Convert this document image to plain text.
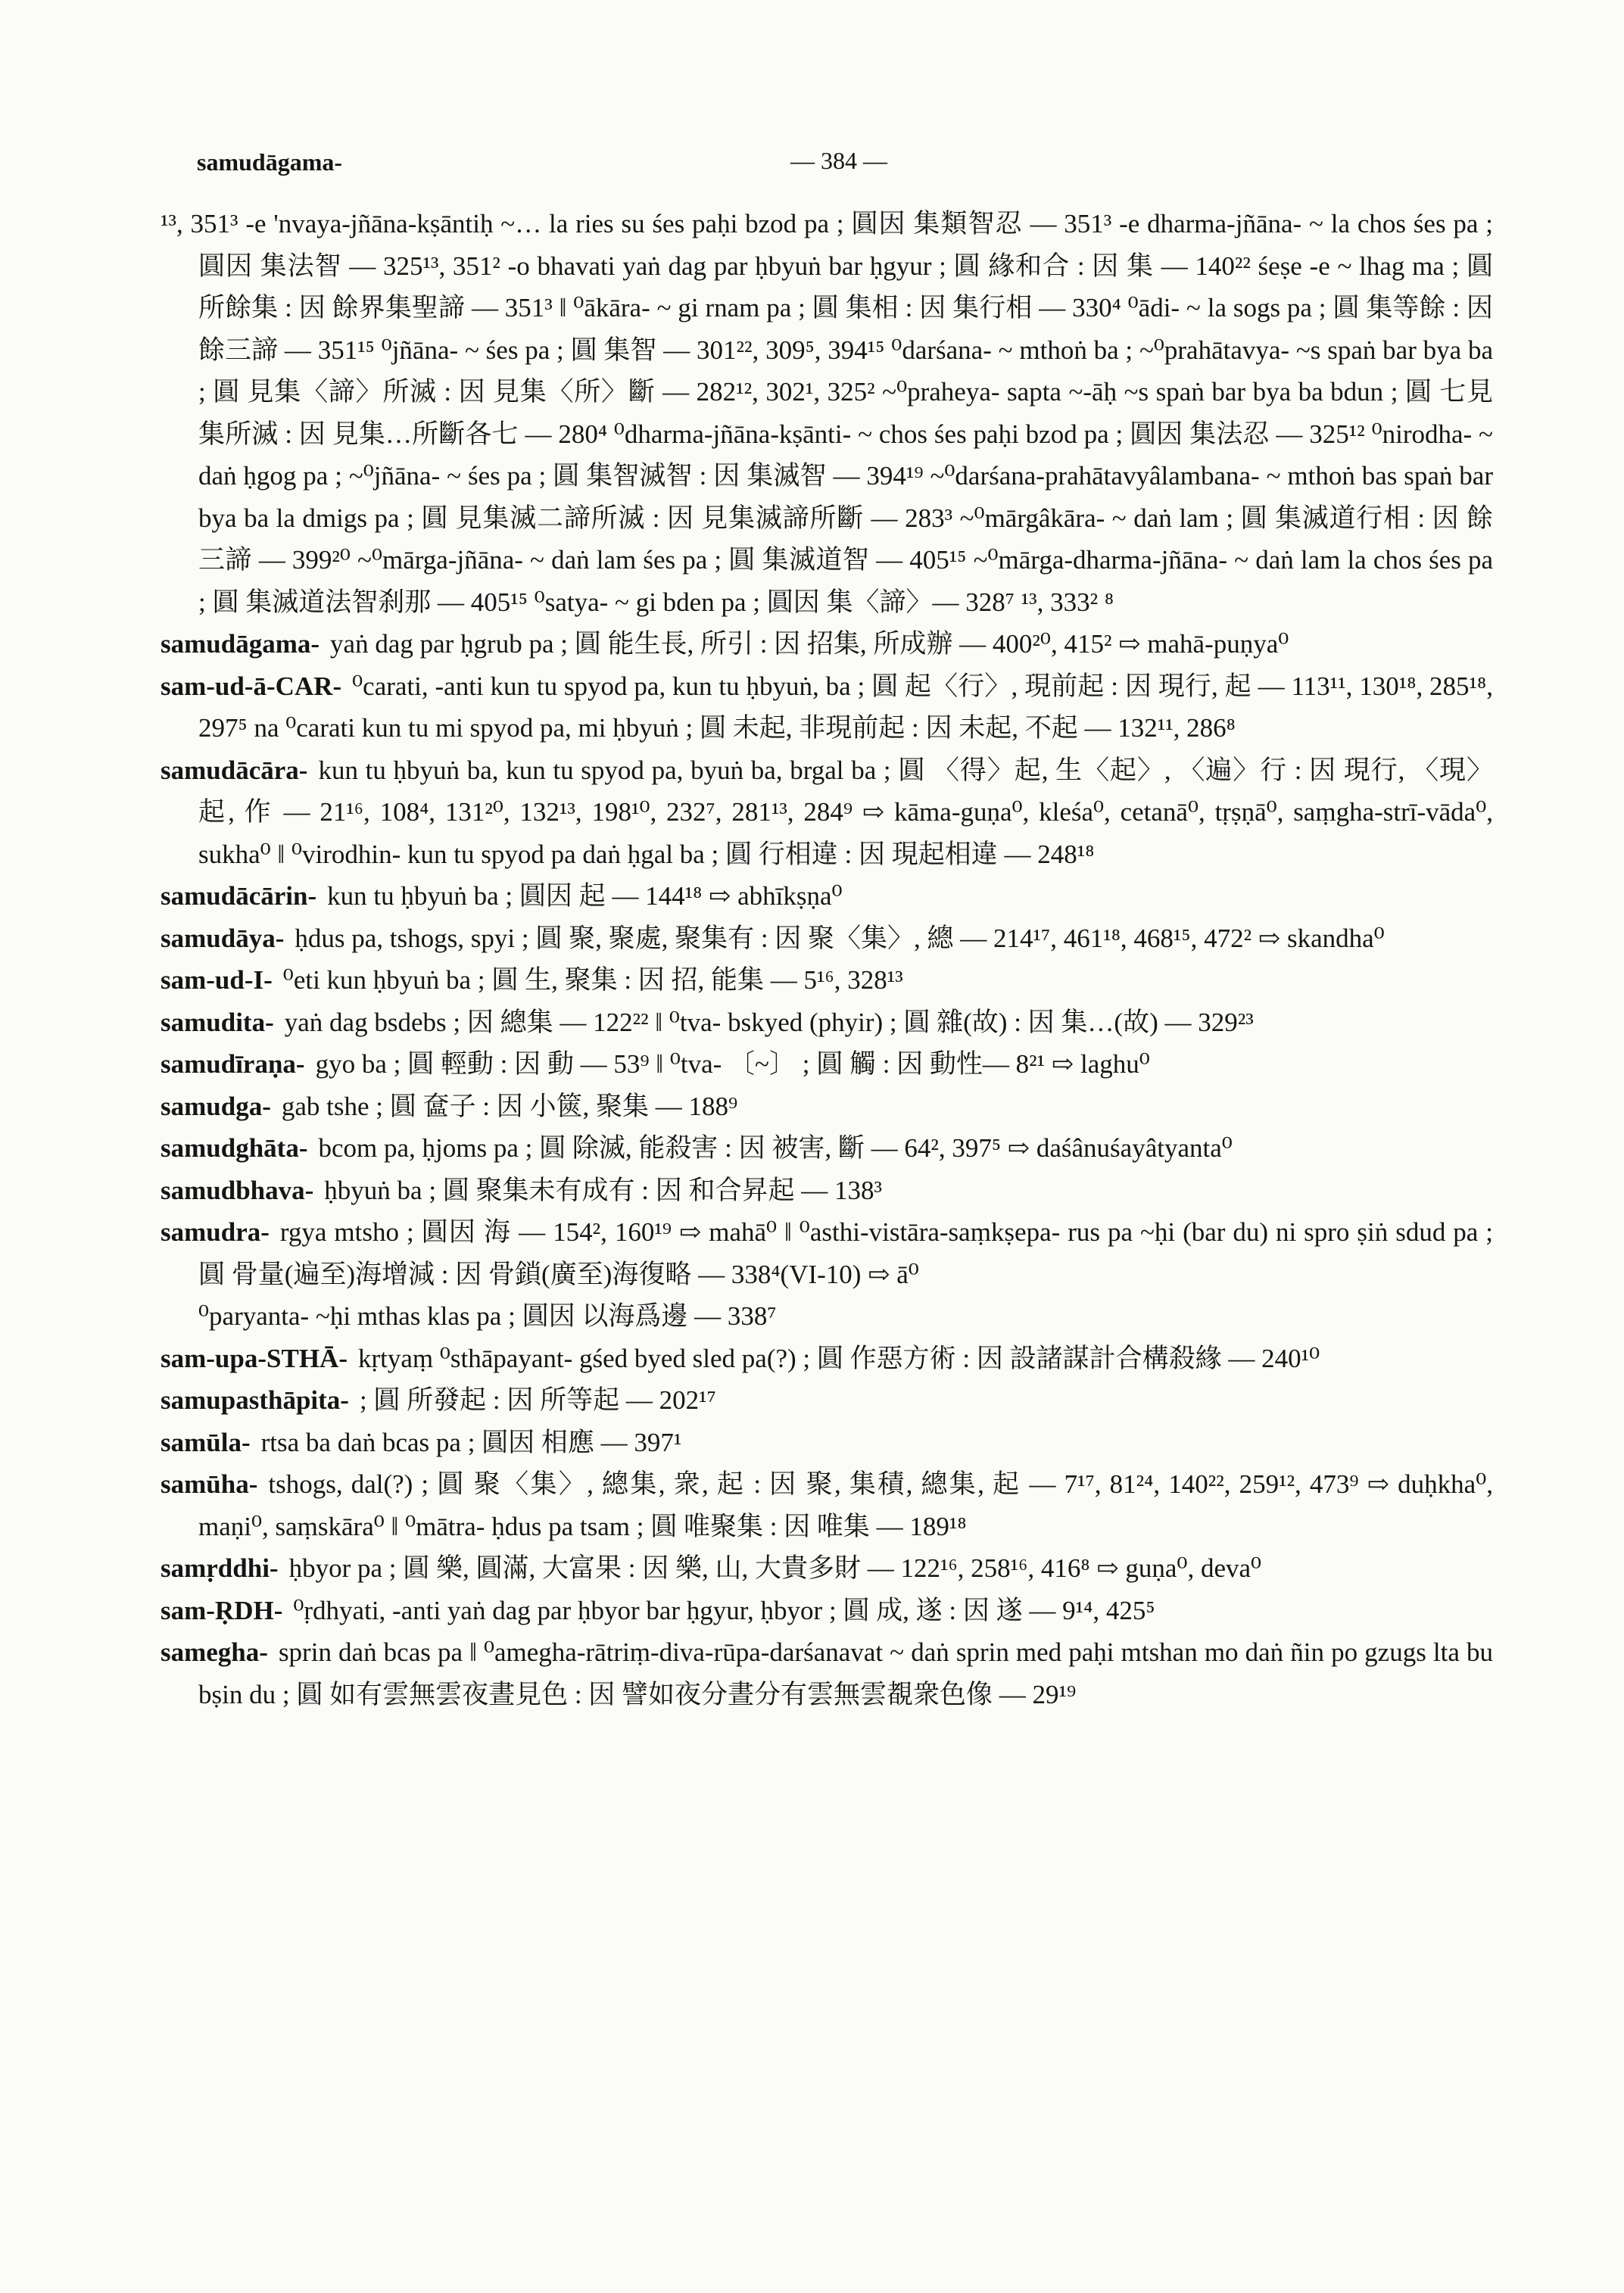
samudāgama-	— 384 —

¹³, 351³ -e 'nvaya-jñāna-kṣāntiḥ ~… la ries su śes paḥi bzod pa ; 圓因 集類智忍 — 351³ -e dharma-jñāna- ~ la chos śes pa ; 圓因 集法智 — 325¹³, 351² -o bhavati yaṅ dag par ḥbyuṅ bar ḥgyur ; 圓 緣和合 : 因 集 — 140²² śeṣe -e ~ lhag ma ; 圓 所餘集 : 因 餘界集聖諦 — 351³ ‖ ⁰ākāra- ~ gi rnam pa ; 圓 集相 : 因 集行相 — 330⁴ ⁰ādi- ~ la sogs pa ; 圓 集等餘 : 因 餘三諦 — 351¹⁵ ⁰jñāna- ~ śes pa ; 圓 集智 — 301²², 309⁵, 394¹⁵ ⁰darśana- ~ mthoṅ ba ; ~⁰prahātavya- ~s spaṅ bar bya ba ; 圓 見集〈諦〉所滅 : 因 見集〈所〉斷 — 282¹², 302¹, 325² ~⁰praheya- sapta ~-āḥ ~s spaṅ bar bya ba bdun ; 圓 七見集所滅 : 因 見集…所斷各七 — 280⁴ ⁰dharma-jñāna-kṣānti- ~ chos śes paḥi bzod pa ; 圓因 集法忍 — 325¹² ⁰nirodha- ~ daṅ ḥgog pa ; ~⁰jñāna- ~ śes pa ; 圓 集智滅智 : 因 集滅智 — 394¹⁹ ~⁰darśana-prahātavyâlambana- ~ mthoṅ bas spaṅ bar bya ba la dmigs pa ; 圓 見集滅二諦所滅 : 因 見集滅諦所斷 — 283³ ~⁰mārgâkāra- ~ daṅ lam ; 圓 集滅道行相 : 因 餘三諦 — 399²⁰ ~⁰mārga-jñāna- ~ daṅ lam śes pa ; 圓 集滅道智 — 405¹⁵ ~⁰mārga-dharma-jñāna- ~ daṅ lam la chos śes pa ; 圓 集滅道法智刹那 — 405¹⁵ ⁰satya- ~ gi bden pa ; 圓因 集〈諦〉— 328⁷ ¹³, 333² ⁸

samudāgama- yaṅ dag par ḥgrub pa ; 圓 能生長, 所引 : 因 招集, 所成辦 — 400²⁰, 415² ⇨ mahā-puṇya⁰

sam-ud-ā-CAR- ⁰carati, -anti kun tu spyod pa, kun tu ḥbyuṅ, ba ; 圓 起〈行〉, 現前起 : 因 現行, 起 — 113¹¹, 130¹⁸, 285¹⁸, 297⁵ na ⁰carati kun tu mi spyod pa, mi ḥbyuṅ ; 圓 未起, 非現前起 : 因 未起, 不起 — 132¹¹, 286⁸

samudācāra- kun tu ḥbyuṅ ba, kun tu spyod pa, byuṅ ba, brgal ba ; 圓 〈得〉起, 生〈起〉, 〈遍〉行 : 因 現行, 〈現〉起, 作 — 21¹⁶, 108⁴, 131²⁰, 132¹³, 198¹⁰, 232⁷, 281¹³, 284⁹ ⇨ kāma-guṇa⁰, kleśa⁰, cetanā⁰, tṛṣṇā⁰, saṃgha-strī-vāda⁰, sukha⁰ ‖ ⁰virodhin- kun tu spyod pa daṅ ḥgal ba ; 圓 行相違 : 因 現起相違 — 248¹⁸

samudācārin- kun tu ḥbyuṅ ba ; 圓因 起 — 144¹⁸ ⇨ abhīkṣṇa⁰

samudāya- ḥdus pa, tshogs, spyi ; 圓 聚, 聚處, 聚集有 : 因 聚〈集〉, 總 — 214¹⁷, 461¹⁸, 468¹⁵, 472² ⇨ skandha⁰

sam-ud-I- ⁰eti kun ḥbyuṅ ba ; 圓 生, 聚集 : 因 招, 能集 — 5¹⁶, 328¹³

samudita- yaṅ dag bsdebs ; 因 總集 — 122²² ‖ ⁰tva- bskyed (phyir) ; 圓 雜(故) : 因 集…(故) — 329²³

samudīraṇa- gyo ba ; 圓 輕動 : 因 動 — 53⁹ ‖ ⁰tva- 〔~〕 ; 圓 觸 : 因 動性— 8²¹ ⇨ laghu⁰

samudga- gab tshe ; 圓 奩子 : 因 小篋, 聚集 — 188⁹

samudghāta- bcom pa, ḥjoms pa ; 圓 除滅, 能殺害 : 因 被害, 斷 — 64², 397⁵ ⇨ daśânuśayâtyanta⁰

samudbhava- ḥbyuṅ ba ; 圓 聚集未有成有 : 因 和合昇起 — 138³

samudra- rgya mtsho ; 圓因 海 — 154², 160¹⁹ ⇨ mahā⁰ ‖ ⁰asthi-vistāra-saṃkṣepa- rus pa ~ḥi (bar du) ni spro ṣiṅ sdud pa ; 圓 骨量(遍至)海增減 : 因 骨鎖(廣至)海復略 — 338⁴(VI-10) ⇨ ā⁰

⁰paryanta- ~ḥi mthas klas pa ; 圓因 以海爲邊 — 338⁷

sam-upa-STHĀ- kṛtyaṃ ⁰sthāpayant- gśed byed sled pa(?) ; 圓 作惡方術 : 因 設諸謀計合構殺緣 — 240¹⁰

samupasthāpita- ; 圓 所發起 : 因 所等起 — 202¹⁷

samūla- rtsa ba daṅ bcas pa ; 圓因 相應 — 397¹

samūha- tshogs, dal(?) ; 圓 聚〈集〉, 總集, 衆, 起 : 因 聚, 集積, 總集, 起 — 7¹⁷, 81²⁴, 140²², 259¹², 473⁹ ⇨ duḥkha⁰, maṇi⁰, saṃskāra⁰ ‖ ⁰mātra- ḥdus pa tsam ; 圓 唯聚集 : 因 唯集 — 189¹⁸

samṛddhi- ḥbyor pa ; 圓 樂, 圓滿, 大富果 : 因 樂, 山, 大貴多財 — 122¹⁶, 258¹⁶, 416⁸ ⇨ guṇa⁰, deva⁰

sam-ṚDH- ⁰ṛdhyati, -anti yaṅ dag par ḥbyor bar ḥgyur, ḥbyor ; 圓 成, 遂 : 因 遂 — 9¹⁴, 425⁵

samegha- sprin daṅ bcas pa ‖ ⁰amegha-rātriṃ-diva-rūpa-darśanavat ~ daṅ sprin med paḥi mtshan mo daṅ ñin po gzugs lta bu bṣin du ; 圓 如有雲無雲夜晝見色 : 因 譬如夜分晝分有雲無雲覩衆色像 — 29¹⁹
